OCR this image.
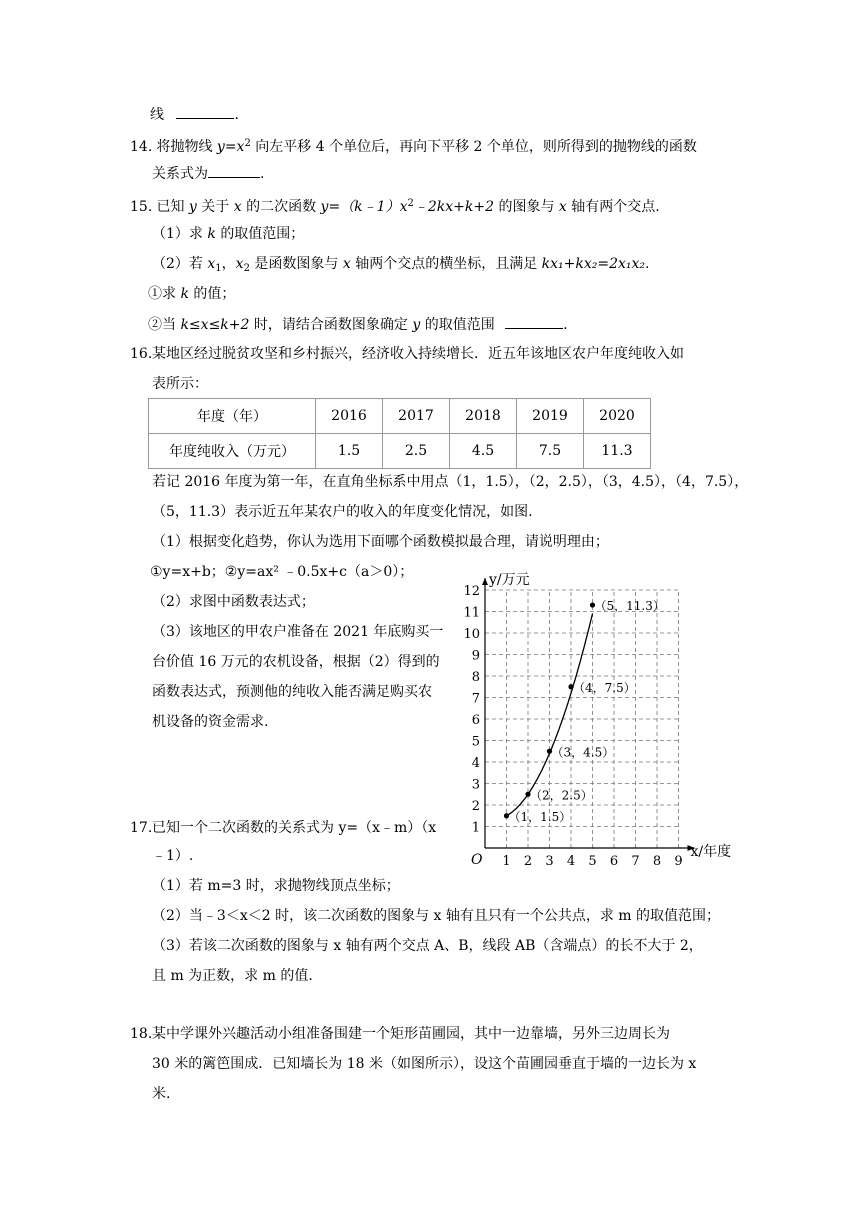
线	.
14. 将抛物线 $y=x^2$ 向左平移 4 个单位后，再向下平移 2 个单位，则所得到的抛物线的函数
关系式为	.
15. 已知 y 关于 x 的二次函数 $y=(k﹣1)x^2﹣2kx+k+2$ 的图象与 x 轴有两个交点.
（1）求 k 的取值范围；
（2）若 $x_1$，$x_2$ 是函数图象与 x 轴两个交点的横坐标，且满足 kx₁+kx₂=2x₁x₂.
①求 k 的值；
②当 k≤x≤k+2 时，请结合函数图象确定 y 的取值范围	.
16.某地区经过脱贫攻坚和乡村振兴，经济收入持续增长．近五年该地区农户年度纯收入如
表所示：
年度（年）	2016	2017	2018	2019	2020
年度纯收入（万元）	1.5	2.5	4.5	7.5	11.3
若记 2016 年度为第一年，在直角坐标系中用点（1，1.5），（2，2.5），（3，4.5），（4，7.5），
（5，11.3）表示近五年某农户的收入的年度变化情况，如图.
（1）根据变化趋势，你认为选用下面哪个函数模拟最合理，请说明理由；
①y=x+b；②y=ax² ﹣0.5x+c（a＞0）；
（2）求图中函数表达式；
（3）该地区的甲农户准备在 2021 年底购买一
台价值 16 万元的农机设备，根据（2）得到的
函数表达式，预测他的纯收入能否满足购买农
机设备的资金需求.
1 2 3 4 5 6 7 8 9
1
2
3
4
5
6
7
8
9
10
11
12
（1，1.5）
（2，2.5）
（3，4.5）
（4，7.5）
（5，11.3）
y/万元
x/年度
O
17.已知一个二次函数的关系式为 y=（x﹣m）（x
﹣1）.
（1）若 m=3 时，求抛物线顶点坐标；
（2）当﹣3＜x＜2 时，该二次函数的图象与 x 轴有且只有一个公共点，求 m 的取值范围；
（3）若该二次函数的图象与 x 轴有两个交点 A、B，线段 AB（含端点）的长不大于 2，
且 m 为正数，求 m 的值.
18.某中学课外兴趣活动小组准备围建一个矩形苗圃园，其中一边靠墙，另外三边周长为
30 米的篱笆围成．已知墙长为 18 米（如图所示），设这个苗圃园垂直于墙的一边长为 x
米.
